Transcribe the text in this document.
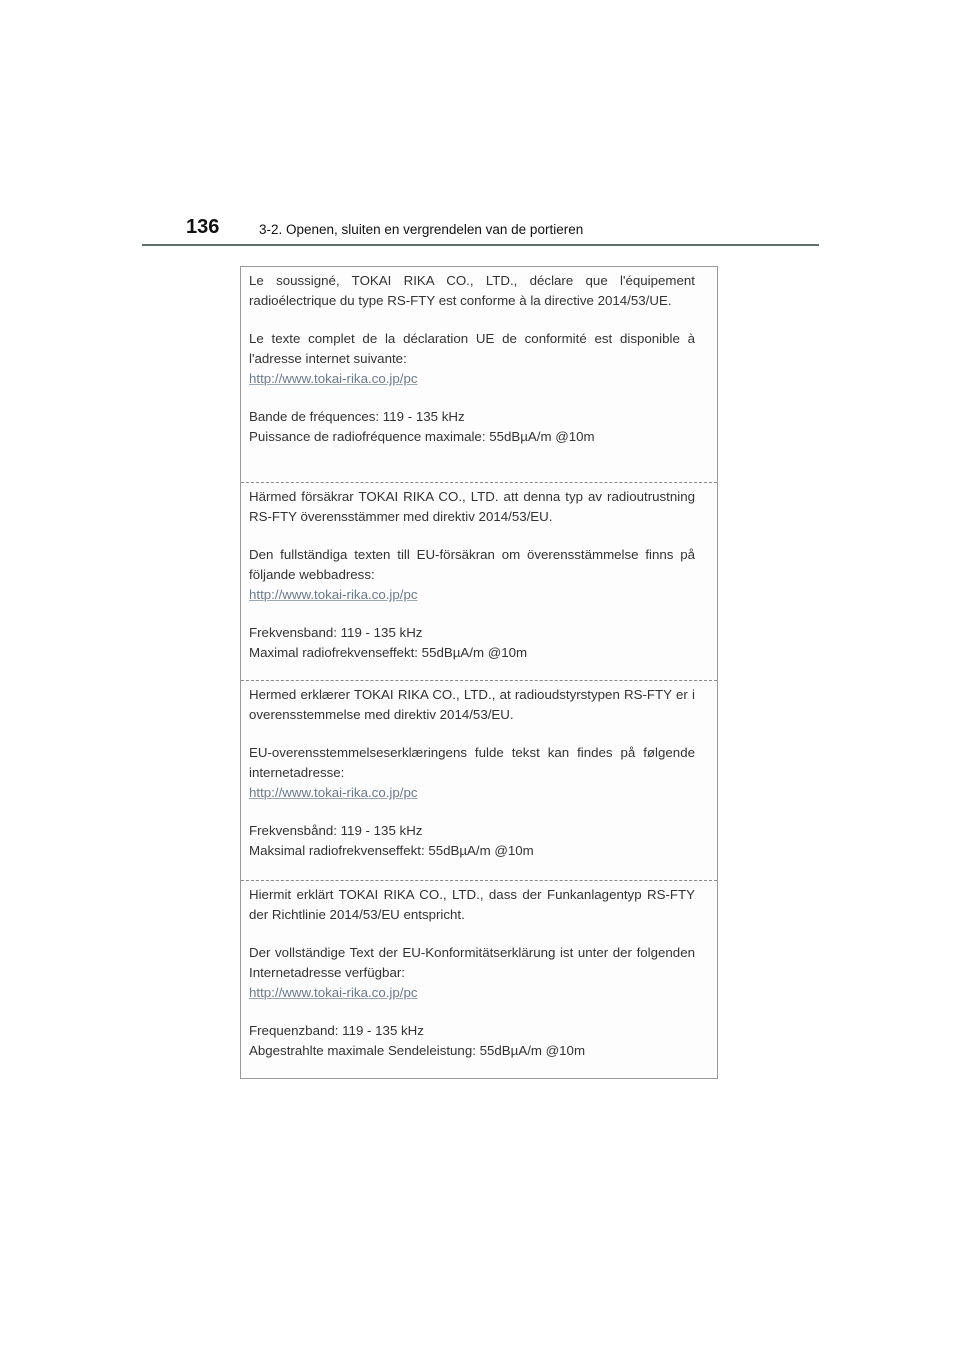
136	3-2. Openen, sluiten en vergrendelen van de portieren

Le soussigné, TOKAI RIKA CO., LTD., déclare que l'équipement radioélectrique du type RS-FTY est conforme à la directive 2014/53/UE.

Le texte complet de la déclaration UE de conformité est disponible à l'adresse internet suivante:

http://www.tokai-rika.co.jp/pc

Bande de fréquences: 119 - 135 kHz

Puissance de radiofréquence maximale: 55dBµA/m @10m

Härmed försäkrar TOKAI RIKA CO., LTD. att denna typ av radioutrustning RS-FTY överensstämmer med direktiv 2014/53/EU.

Den fullständiga texten till EU-försäkran om överensstämmelse finns på följande webbadress:

http://www.tokai-rika.co.jp/pc

Frekvensband: 119 - 135 kHz

Maximal radiofrekvenseffekt: 55dBµA/m @10m

Hermed erklærer TOKAI RIKA CO., LTD., at radioudstyrstypen RS-FTY er i overensstemmelse med direktiv 2014/53/EU.

EU-overensstemmelseserklæringens fulde tekst kan findes på følgende internetadresse:

http://www.tokai-rika.co.jp/pc

Frekvensbånd: 119 - 135 kHz

Maksimal radiofrekvenseffekt: 55dBµA/m @10m

Hiermit erklärt TOKAI RIKA CO., LTD., dass der Funkanlagentyp RS-FTY der Richtlinie 2014/53/EU entspricht.

Der vollständige Text der EU-Konformitätserklärung ist unter der folgenden Internetadresse verfügbar:

http://www.tokai-rika.co.jp/pc

Frequenzband: 119 - 135 kHz

Abgestrahlte maximale Sendeleistung: 55dBµA/m @10m
